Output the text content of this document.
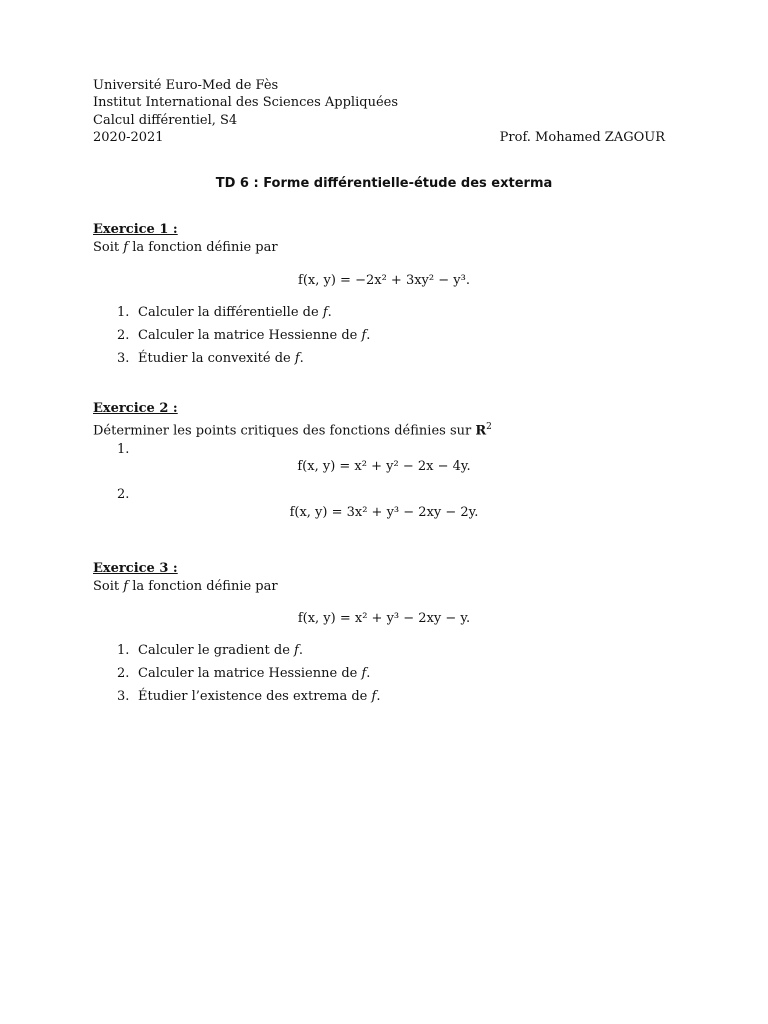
Université Euro-Med de Fès
Institut International des Sciences Appliquées
Calcul différentiel, S4
2020-2021	Prof. Mohamed ZAGOUR
TD 6 : Forme différentielle-étude des exterma
Exercice 1 :
Soit f la fonction définie par
f(x, y) = −2x² + 3xy² − y³.
1. Calculer la différentielle de f.
2. Calculer la matrice Hessienne de f.
3. Étudier la convexité de f.
Exercice 2 :
Déterminer les points critiques des fonctions définies sur $R^2$
1.
f(x, y) = x² + y² − 2x − 4y.
2.
f(x, y) = 3x² + y³ − 2xy − 2y.
Exercice 3 :
Soit f la fonction définie par
f(x, y) = x² + y³ − 2xy − y.
1. Calculer le gradient de f.
2. Calculer la matrice Hessienne de f.
3. Étudier l’existence des extrema de f.
